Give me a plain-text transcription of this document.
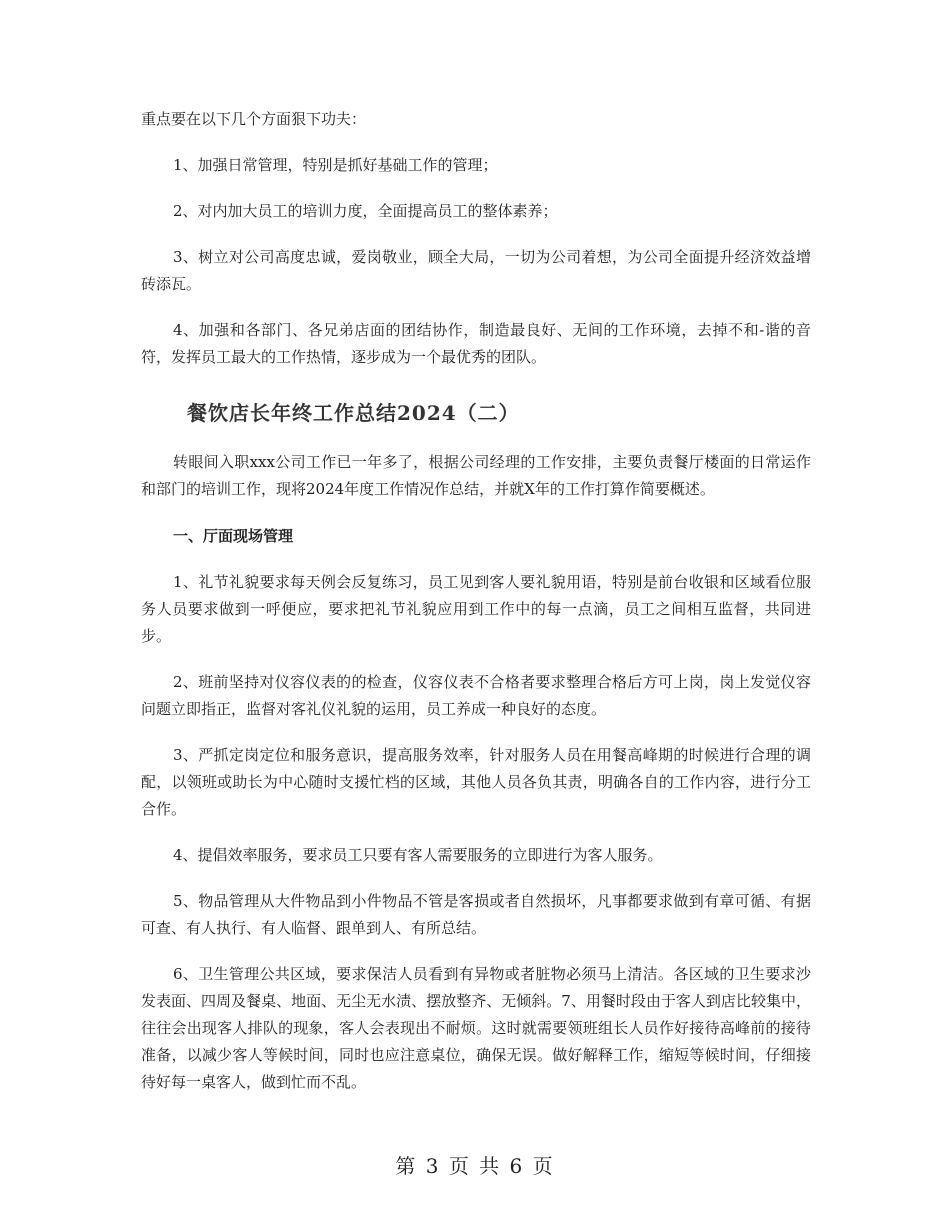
重点要在以下几个方面狠下功夫：

1、加强日常管理，特别是抓好基础工作的管理；

2、对内加大员工的培训力度，全面提高员工的整体素养；

3、树立对公司高度忠诚，爱岗敬业，顾全大局，一切为公司着想，为公司全面提升经济效益增砖添瓦。

4、加强和各部门、各兄弟店面的团结协作，制造最良好、无间的工作环境，去掉不和-谐的音符，发挥员工最大的工作热情，逐步成为一个最优秀的团队。

餐饮店长年终工作总结2024（二）

转眼间入职xxx公司工作已一年多了，根据公司经理的工作安排，主要负责餐厅楼面的日常运作和部门的培训工作，现将2024年度工作情况作总结，并就X年的工作打算作简要概述。

一、厅面现场管理

1、礼节礼貌要求每天例会反复练习，员工见到客人要礼貌用语，特别是前台收银和区域看位服务人员要求做到一呼便应，要求把礼节礼貌应用到工作中的每一点滴，员工之间相互监督，共同进步。

2、班前坚持对仪容仪表的的检查，仪容仪表不合格者要求整理合格后方可上岗，岗上发觉仪容问题立即指正，监督对客礼仪礼貌的运用，员工养成一种良好的态度。

3、严抓定岗定位和服务意识，提高服务效率，针对服务人员在用餐高峰期的时候进行合理的调配，以领班或助长为中心随时支援忙档的区域，其他人员各负其责，明确各自的工作内容，进行分工合作。

4、提倡效率服务，要求员工只要有客人需要服务的立即进行为客人服务。

5、物品管理从大件物品到小件物品不管是客损或者自然损坏，凡事都要求做到有章可循、有据可查、有人执行、有人临督、跟单到人、有所总结。

6、卫生管理公共区域，要求保洁人员看到有异物或者脏物必须马上清洁。各区域的卫生要求沙发表面、四周及餐桌、地面、无尘无水渍、摆放整齐、无倾斜。7、用餐时段由于客人到店比较集中，往往会出现客人排队的现象，客人会表现出不耐烦。这时就需要领班组长人员作好接待高峰前的接待准备，以减少客人等候时间，同时也应注意桌位，确保无误。做好解释工作，缩短等候时间，仔细接待好每一桌客人，做到忙而不乱。

第 3 页 共 6 页
